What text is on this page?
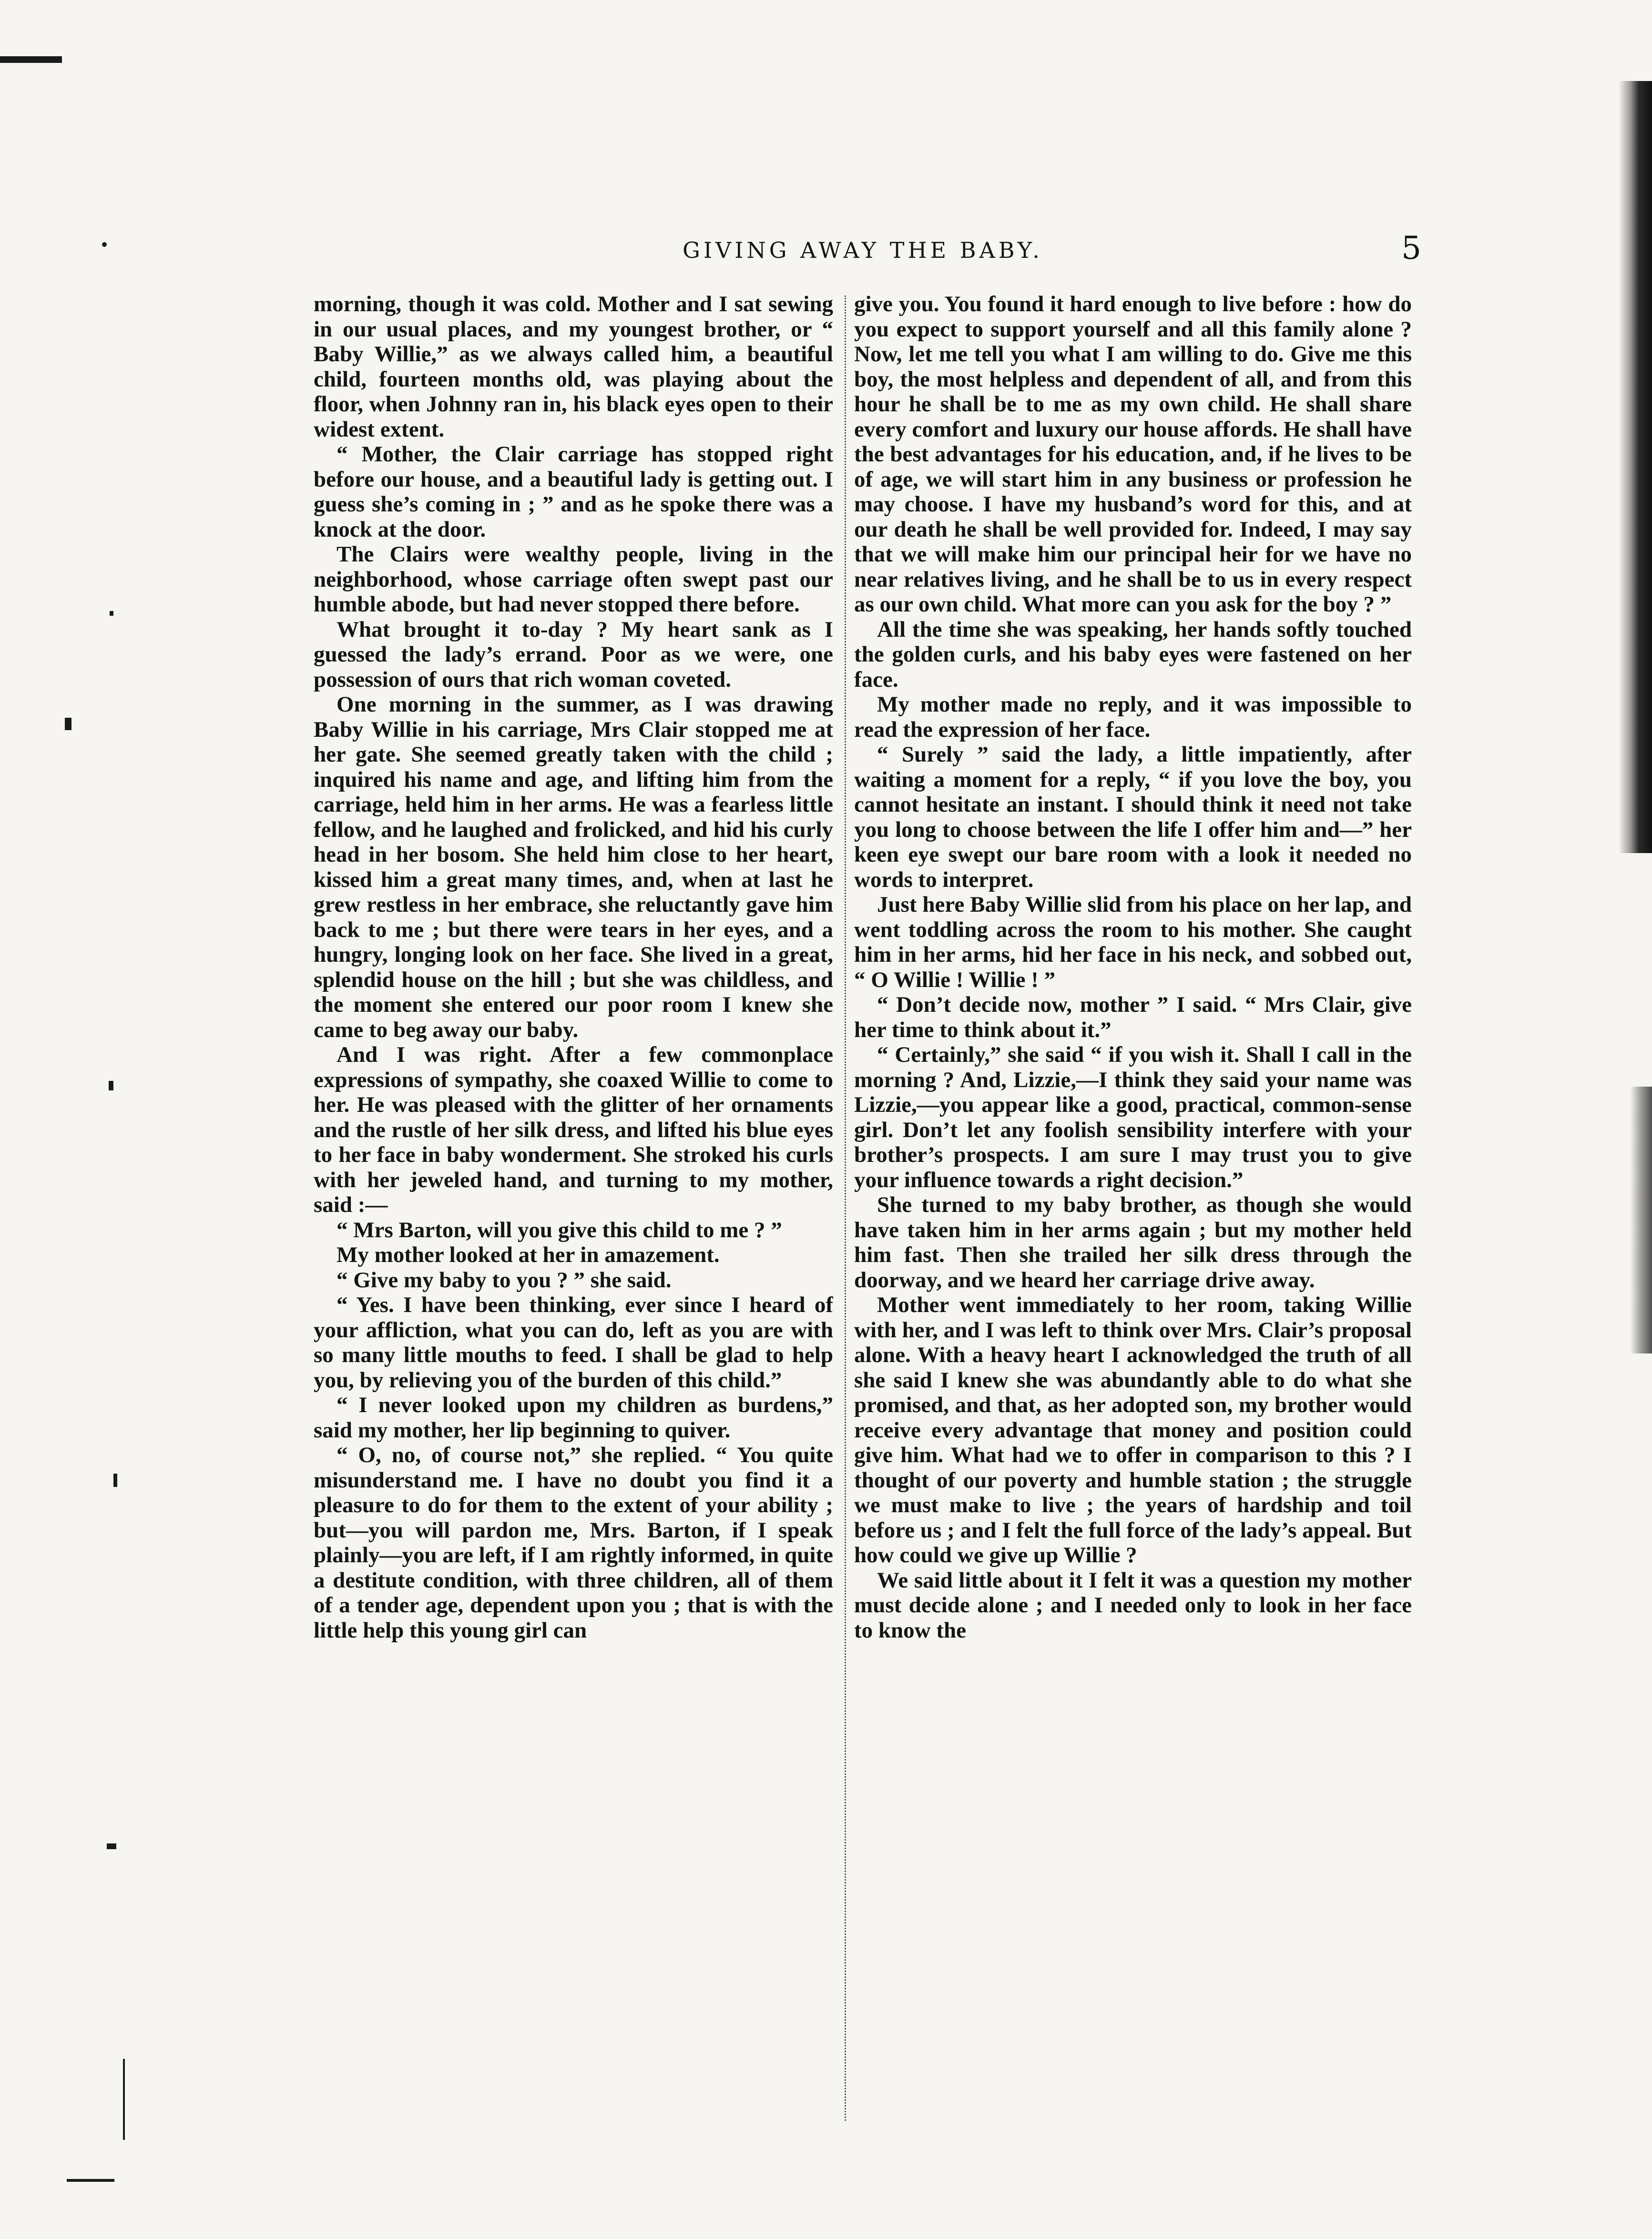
GIVING AWAY THE BABY.	5

morning, though it was cold. Mother and I sat sewing in our usual places, and my youngest brother, or “ Baby Willie,” as we always called him, a beautiful child, fourteen months old, was playing about the floor, when Johnny ran in, his black eyes open to their widest extent.

“ Mother, the Clair carriage has stopped right before our house, and a beautiful lady is getting out. I guess she’s coming in ; ” and as he spoke there was a knock at the door.

The Clairs were wealthy people, living in the neighborhood, whose carriage often swept past our humble abode, but had never stopped there before.

What brought it to-day ? My heart sank as I guessed the lady’s errand. Poor as we were, one possession of ours that rich woman coveted.

One morning in the summer, as I was drawing Baby Willie in his carriage, Mrs Clair stopped me at her gate. She seemed greatly taken with the child ; inquired his name and age, and lifting him from the carriage, held him in her arms. He was a fearless little fellow, and he laughed and frolicked, and hid his curly head in her bosom. She held him close to her heart, kissed him a great many times, and, when at last he grew restless in her embrace, she reluctantly gave him back to me ; but there were tears in her eyes, and a hungry, longing look on her face. She lived in a great, splendid house on the hill ; but she was childless, and the moment she entered our poor room I knew she came to beg away our baby.

And I was right. After a few commonplace expressions of sympathy, she coaxed Willie to come to her. He was pleased with the glitter of her ornaments and the rustle of her silk dress, and lifted his blue eyes to her face in baby wonderment. She stroked his curls with her jeweled hand, and turning to my mother, said :—

“ Mrs Barton, will you give this child to me ? ”

My mother looked at her in amazement.

“ Give my baby to you ? ” she said.

“ Yes. I have been thinking, ever since I heard of your affliction, what you can do, left as you are with so many little mouths to feed. I shall be glad to help you, by relieving you of the burden of this child.”

“ I never looked upon my children as burdens,” said my mother, her lip beginning to quiver.

“ O, no, of course not,” she replied. “ You quite misunderstand me. I have no doubt you find it a pleasure to do for them to the extent of your ability ; but—you will pardon me, Mrs. Barton, if I speak plainly—you are left, if I am rightly informed, in quite a destitute condition, with three children, all of them of a tender age, dependent upon you ; that is with the little help this young girl can

give you. You found it hard enough to live before : how do you expect to support yourself and all this family alone ? Now, let me tell you what I am willing to do. Give me this boy, the most helpless and dependent of all, and from this hour he shall be to me as my own child. He shall share every comfort and luxury our house affords. He shall have the best advantages for his education, and, if he lives to be of age, we will start him in any business or profession he may choose. I have my husband’s word for this, and at our death he shall be well provided for. Indeed, I may say that we will make him our principal heir for we have no near relatives living, and he shall be to us in every respect as our own child. What more can you ask for the boy ? ”

All the time she was speaking, her hands softly touched the golden curls, and his baby eyes were fastened on her face.

My mother made no reply, and it was impossible to read the expression of her face.

“ Surely ” said the lady, a little impatiently, after waiting a moment for a reply, “ if you love the boy, you cannot hesitate an instant. I should think it need not take you long to choose between the life I offer him and—” her keen eye swept our bare room with a look it needed no words to interpret.

Just here Baby Willie slid from his place on her lap, and went toddling across the room to his mother. She caught him in her arms, hid her face in his neck, and sobbed out, “ O Willie ! Willie ! ”

“ Don’t decide now, mother ” I said. “ Mrs Clair, give her time to think about it.”

“ Certainly,” she said “ if you wish it. Shall I call in the morning ? And, Lizzie,—I think they said your name was Lizzie,—you appear like a good, practical, common-sense girl. Don’t let any foolish sensibility interfere with your brother’s prospects. I am sure I may trust you to give your influence towards a right decision.”

She turned to my baby brother, as though she would have taken him in her arms again ; but my mother held him fast. Then she trailed her silk dress through the doorway, and we heard her carriage drive away.

Mother went immediately to her room, taking Willie with her, and I was left to think over Mrs. Clair’s proposal alone. With a heavy heart I acknowledged the truth of all she said I knew she was abundantly able to do what she promised, and that, as her adopted son, my brother would receive every advantage that money and position could give him. What had we to offer in comparison to this ? I thought of our poverty and humble station ; the struggle we must make to live ; the years of hardship and toil before us ; and I felt the full force of the lady’s appeal. But how could we give up Willie ?

We said little about it I felt it was a question my mother must decide alone ; and I needed only to look in her face to know the
